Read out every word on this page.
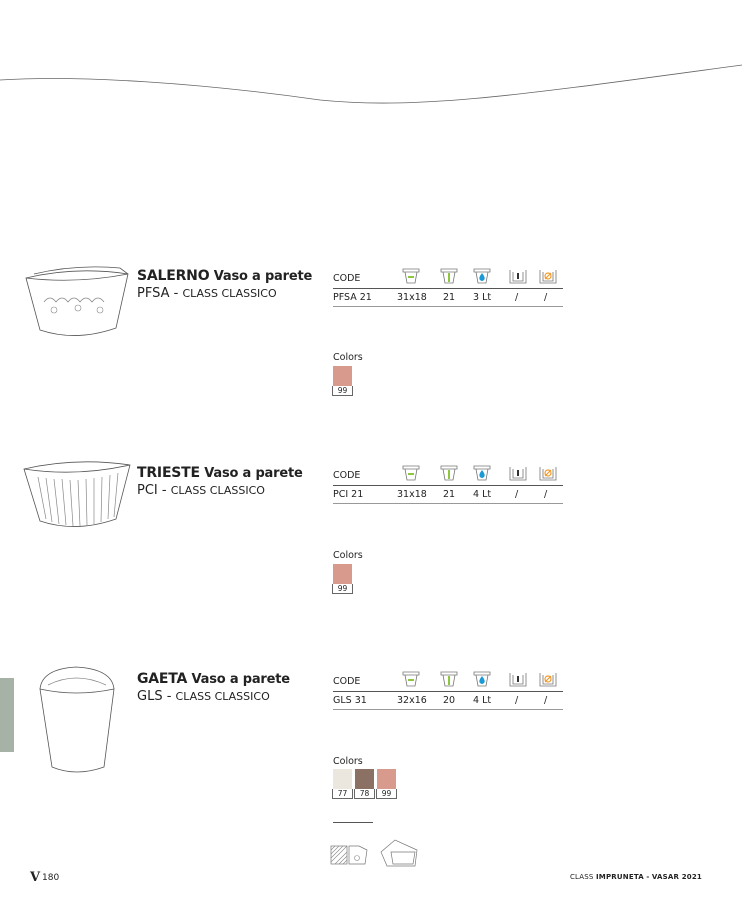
SALERNO Vaso a parete
PFSA - CLASS CLASSICO
CODE
PFSA 21	31x18 21 3 Lt	/	/
Colors
99
TRIESTE Vaso a parete
PCI - CLASS CLASSICO
CODE
PCI 21	31x18 21 4 Lt	/	/
Colors
99
GAETA Vaso a parete
GLS - CLASS CLASSICO
CODE
GLS 31	32x16 20 4 Lt	/	/
Colors
77	78	99
V 180	CLASS IMPRUNETA - VASAR 2021
